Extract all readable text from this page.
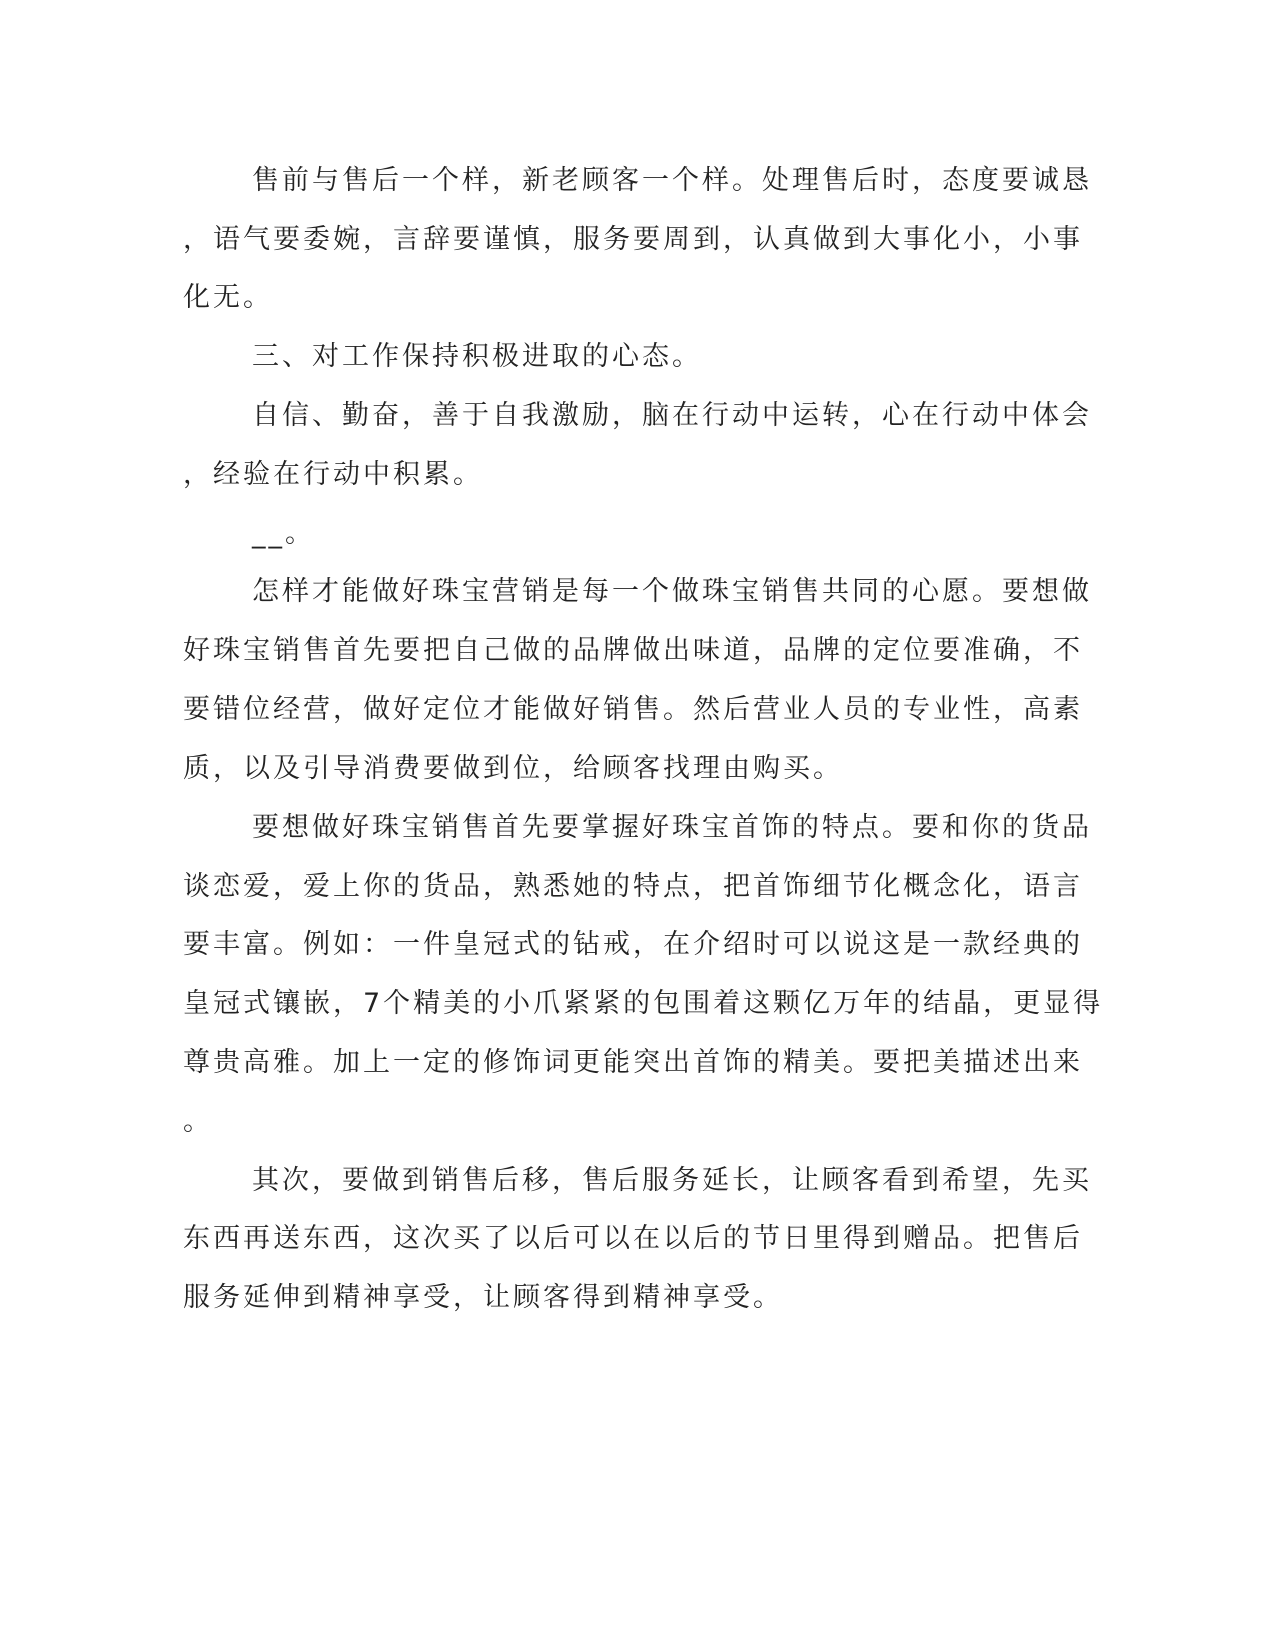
售前与售后一个样，新老顾客一个样。处理售后时，态度要诚恳
，语气要委婉，言辞要谨慎，服务要周到，认真做到大事化小，小事
化无。
三、对工作保持积极进取的心态。
自信、勤奋，善于自我激励，脑在行动中运转，心在行动中体会
，经验在行动中积累。
__。
怎样才能做好珠宝营销是每一个做珠宝销售共同的心愿。要想做
好珠宝销售首先要把自己做的品牌做出味道，品牌的定位要准确，不
要错位经营，做好定位才能做好销售。然后营业人员的专业性，高素
质，以及引导消费要做到位，给顾客找理由购买。
要想做好珠宝销售首先要掌握好珠宝首饰的特点。要和你的货品
谈恋爱，爱上你的货品，熟悉她的特点，把首饰细节化概念化，语言
要丰富。例如：一件皇冠式的钻戒，在介绍时可以说这是一款经典的
皇冠式镶嵌，7个精美的小爪紧紧的包围着这颗亿万年的结晶，更显得
尊贵高雅。加上一定的修饰词更能突出首饰的精美。要把美描述出来
。
其次，要做到销售后移，售后服务延长，让顾客看到希望，先买
东西再送东西，这次买了以后可以在以后的节日里得到赠品。把售后
服务延伸到精神享受，让顾客得到精神享受。
